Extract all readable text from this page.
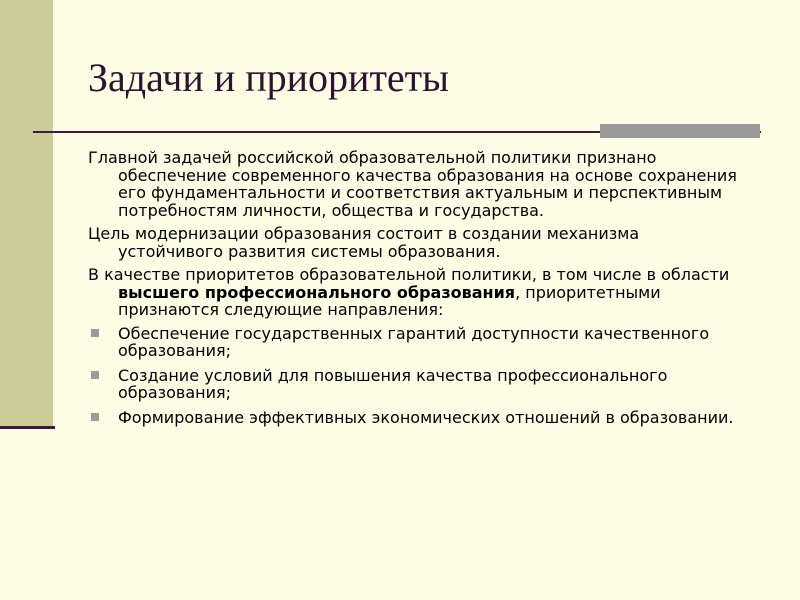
Задачи и приоритеты

Главной задачей российской образовательной политики признано обеспечение современного качества образования на основе сохранения его фундаментальности и соответствия актуальным и перспективным потребностям личности, общества и государства.

Цель модернизации образования состоит в создании механизма устойчивого развития системы образования.

В качестве приоритетов образовательной политики, в том числе в области высшего профессионального образования, приоритетными признаются следующие направления:

Обеспечение государственных гарантий доступности качественного образования;
Создание условий для повышения качества профессионального образования;
Формирование эффективных экономических отношений в образовании.
